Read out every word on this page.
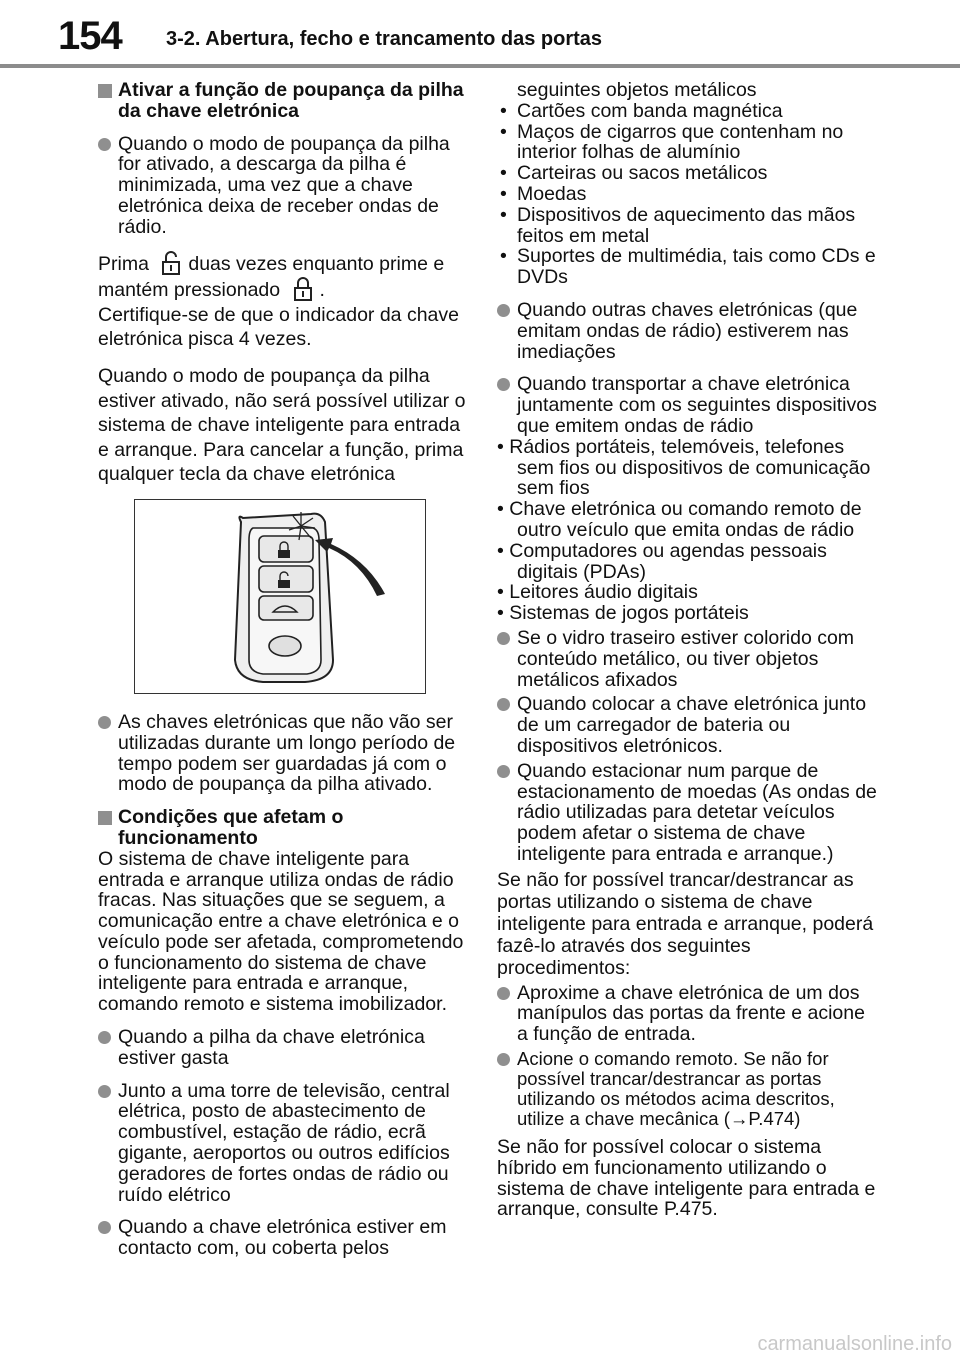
154 3-2. Abertura, fecho e trancamento das portas
Ativar a função de poupança da pilha da chave eletrónica
Quando o modo de poupança da pilha for ativado, a descarga da pilha é minimizada, uma vez que a chave eletrónica deixa de receber ondas de rádio.
Prima duas vezes enquanto prime e mantém pressionado .
Certifique-se de que o indicador da chave eletrónica pisca 4 vezes.
Quando o modo de poupança da pilha estiver ativado, não será possível utilizar o sistema de chave inteligente para entrada e arranque. Para cancelar a função, prima qualquer tecla da chave eletrónica
As chaves eletrónicas que não vão ser utilizadas durante um longo período de tempo podem ser guardadas já com o modo de poupança da pilha ativado.
Condições que afetam o funcionamento
O sistema de chave inteligente para entrada e arranque utiliza ondas de rádio fracas. Nas situações que se seguem, a comunicação entre a chave eletrónica e o veículo pode ser afetada, comprometendo o funcionamento do sistema de chave inteligente para entrada e arranque, comando remoto e sistema imobilizador.
Quando a pilha da chave eletrónica estiver gasta
Junto a uma torre de televisão, central elétrica, posto de abastecimento de combustível, estação de rádio, ecrã gigante, aeroportos ou outros edifícios geradores de fortes ondas de rádio ou ruído elétrico
Quando a chave eletrónica estiver em contacto com, ou coberta pelos
seguintes objetos metálicos
• Cartões com banda magnética
• Maços de cigarros que contenham no interior folhas de alumínio
• Carteiras ou sacos metálicos
• Moedas
• Dispositivos de aquecimento das mãos feitos em metal
• Suportes de multimédia, tais como CDs e DVDs
Quando outras chaves eletrónicas (que emitam ondas de rádio) estiverem nas imediações
Quando transportar a chave eletrónica juntamente com os seguintes dispositivos que emitem ondas de rádio
• Rádios portáteis, telemóveis, telefones sem fios ou dispositivos de comunicação sem fios
• Chave eletrónica ou comando remoto de outro veículo que emita ondas de rádio
• Computadores ou agendas pessoais digitais (PDAs)
• Leitores áudio digitais
• Sistemas de jogos portáteis
Se o vidro traseiro estiver colorido com conteúdo metálico, ou tiver objetos metálicos afixados
Quando colocar a chave eletrónica junto de um carregador de bateria ou dispositivos eletrónicos.
Quando estacionar num parque de estacionamento de moedas (As ondas de rádio utilizadas para detetar veículos podem afetar o sistema de chave inteligente para entrada e arranque.)
Se não for possível trancar/destrancar as portas utilizando o sistema de chave inteligente para entrada e arranque, poderá fazê-lo através dos seguintes procedimentos:
Aproxime a chave eletrónica de um dos manípulos das portas da frente e acione a função de entrada.
Acione o comando remoto. Se não for possível trancar/destrancar as portas utilizando os métodos acima descritos, utilize a chave mecânica (→P.474)
Se não for possível colocar o sistema híbrido em funcionamento utilizando o sistema de chave inteligente para entrada e arranque, consulte P.475.
carmanualsonline.info
